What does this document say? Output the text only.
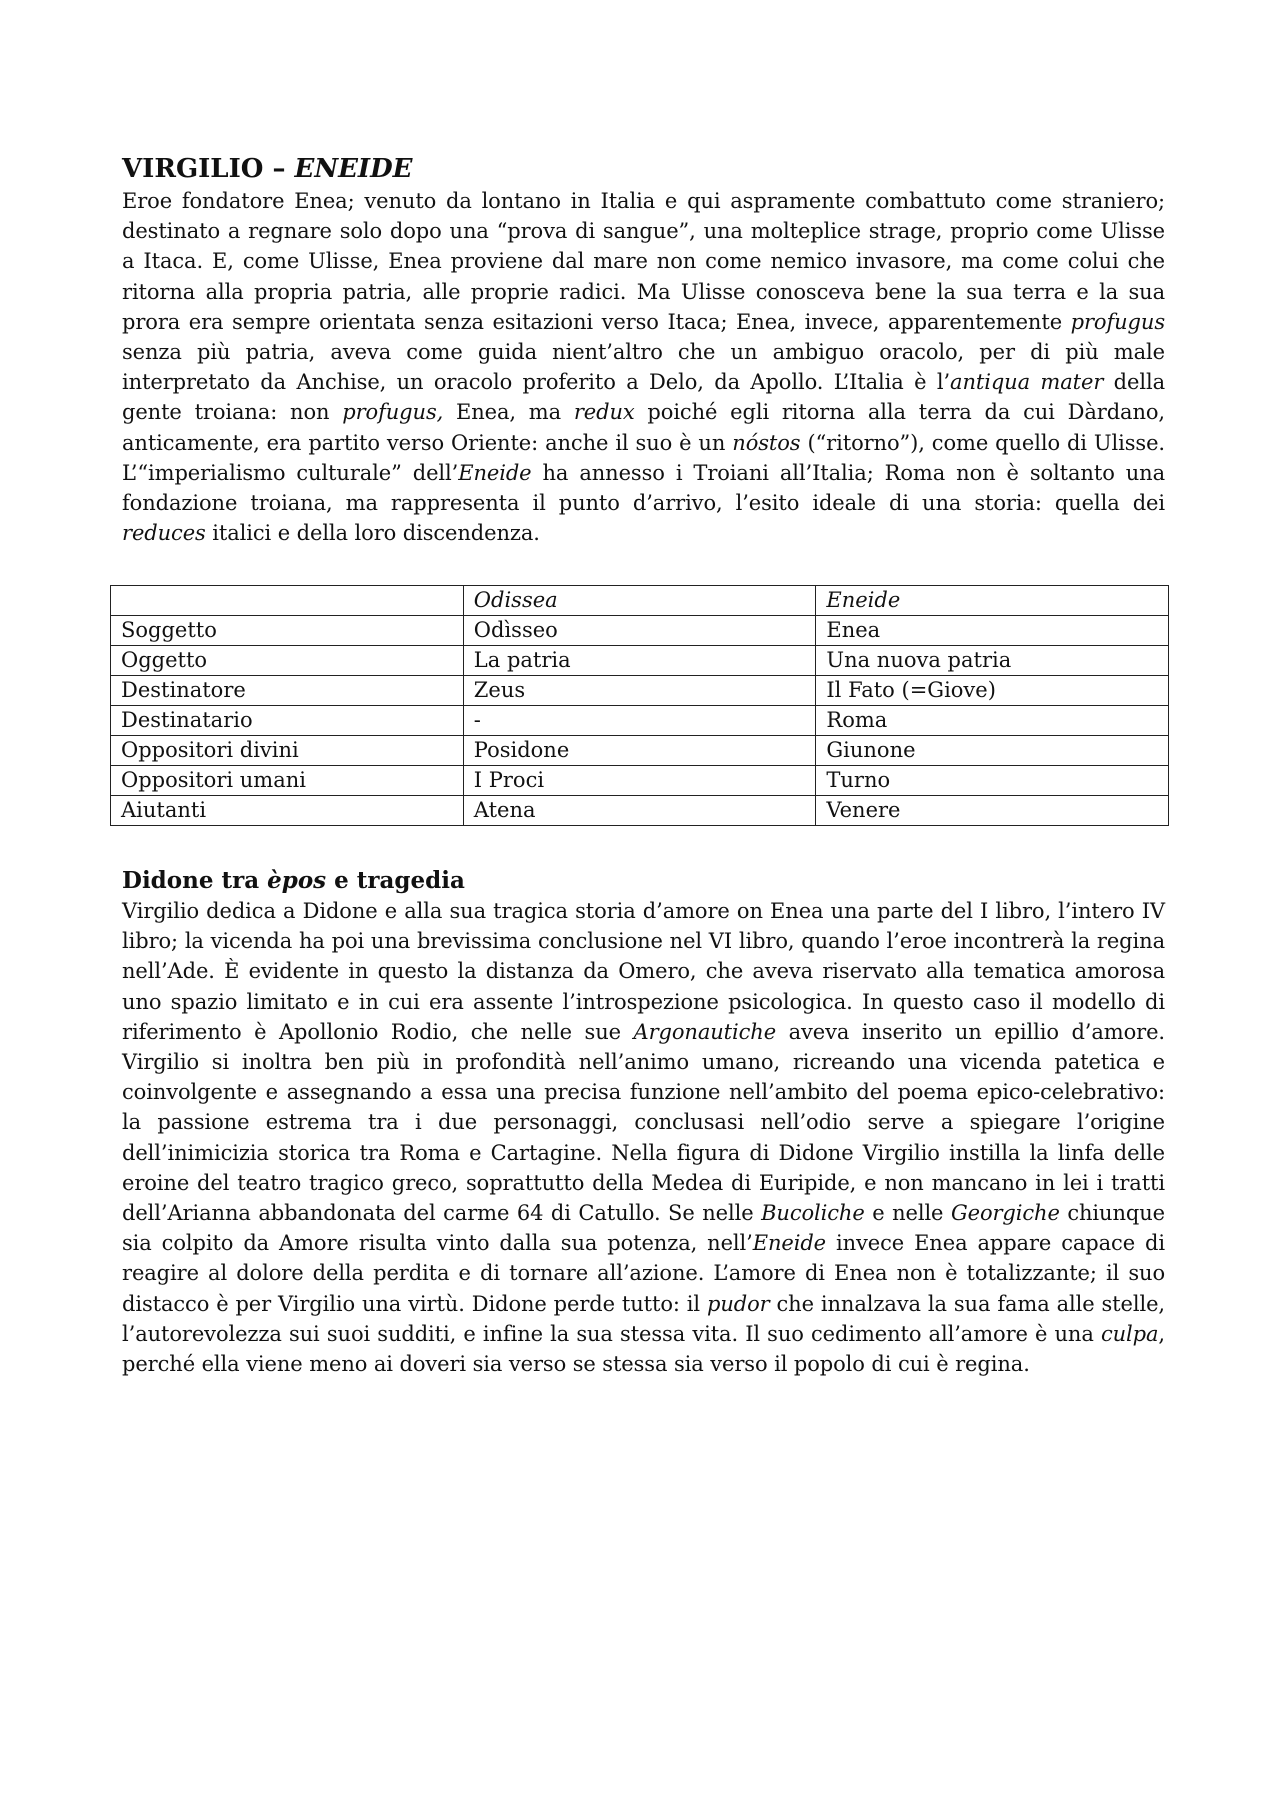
VIRGILIO – ENEIDE

Eroe fondatore Enea; venuto da lontano in Italia e qui aspramente combattuto come straniero; destinato a regnare solo dopo una “prova di sangue”, una molteplice strage, proprio come Ulisse a Itaca. E, come Ulisse, Enea proviene dal mare non come nemico invasore, ma come colui che ritorna alla propria patria, alle proprie radici. Ma Ulisse conosceva bene la sua terra e la sua prora era sempre orientata senza esitazioni verso Itaca; Enea, invece, apparentemente profugus senza più patria, aveva come guida nient’altro che un ambiguo oracolo, per di più male interpretato da Anchise, un oracolo proferito a Delo, da Apollo. L’Italia è l’antiqua mater della gente troiana: non profugus, Enea, ma redux poiché egli ritorna alla terra da cui Dàrdano, anticamente, era partito verso Oriente: anche il suo è un nóstos (“ritorno”), come quello di Ulisse. L’“imperialismo culturale” dell’Eneide ha annesso i Troiani all’Italia; Roma non è soltanto una fondazione troiana, ma rappresenta il punto d’arrivo, l’esito ideale di una storia: quella dei reduces italici e della loro discendenza.

	Odissea	Eneide
Soggetto	Odìsseo	Enea
Oggetto	La patria	Una nuova patria
Destinatore	Zeus	Il Fato (=Giove)
Destinatario	-	Roma
Oppositori divini	Posidone	Giunone
Oppositori umani	I Proci	Turno
Aiutanti	Atena	Venere
Didone tra èpos e tragedia

Virgilio dedica a Didone e alla sua tragica storia d’amore on Enea una parte del I libro, l’intero IV libro; la vicenda ha poi una brevissima conclusione nel VI libro, quando l’eroe incontrerà la regina nell’Ade. È evidente in questo la distanza da Omero, che aveva riservato alla tematica amorosa uno spazio limitato e in cui era assente l’introspezione psicologica. In questo caso il modello di riferimento è Apollonio Rodio, che nelle sue Argonautiche aveva inserito un epillio d’amore. Virgilio si inoltra ben più in profondità nell’animo umano, ricreando una vicenda patetica e coinvolgente e assegnando a essa una precisa funzione nell’ambito del poema epico-celebrativo: la passione estrema tra i due personaggi, conclusasi nell’odio serve a spiegare l’origine dell’inimicizia storica tra Roma e Cartagine. Nella figura di Didone Virgilio instilla la linfa delle eroine del teatro tragico greco, soprattutto della Medea di Euripide, e non mancano in lei i tratti dell’Arianna abbandonata del carme 64 di Catullo. Se nelle Bucoliche e nelle Georgiche chiunque sia colpito da Amore risulta vinto dalla sua potenza, nell’Eneide invece Enea appare capace di reagire al dolore della perdita e di tornare all’azione. L’amore di Enea non è totalizzante; il suo distacco è per Virgilio una virtù. Didone perde tutto: il pudor che innalzava la sua fama alle stelle, l’autorevolezza sui suoi sudditi, e infine la sua stessa vita. Il suo cedimento all’amore è una culpa, perché ella viene meno ai doveri sia verso se stessa sia verso il popolo di cui è regina.
